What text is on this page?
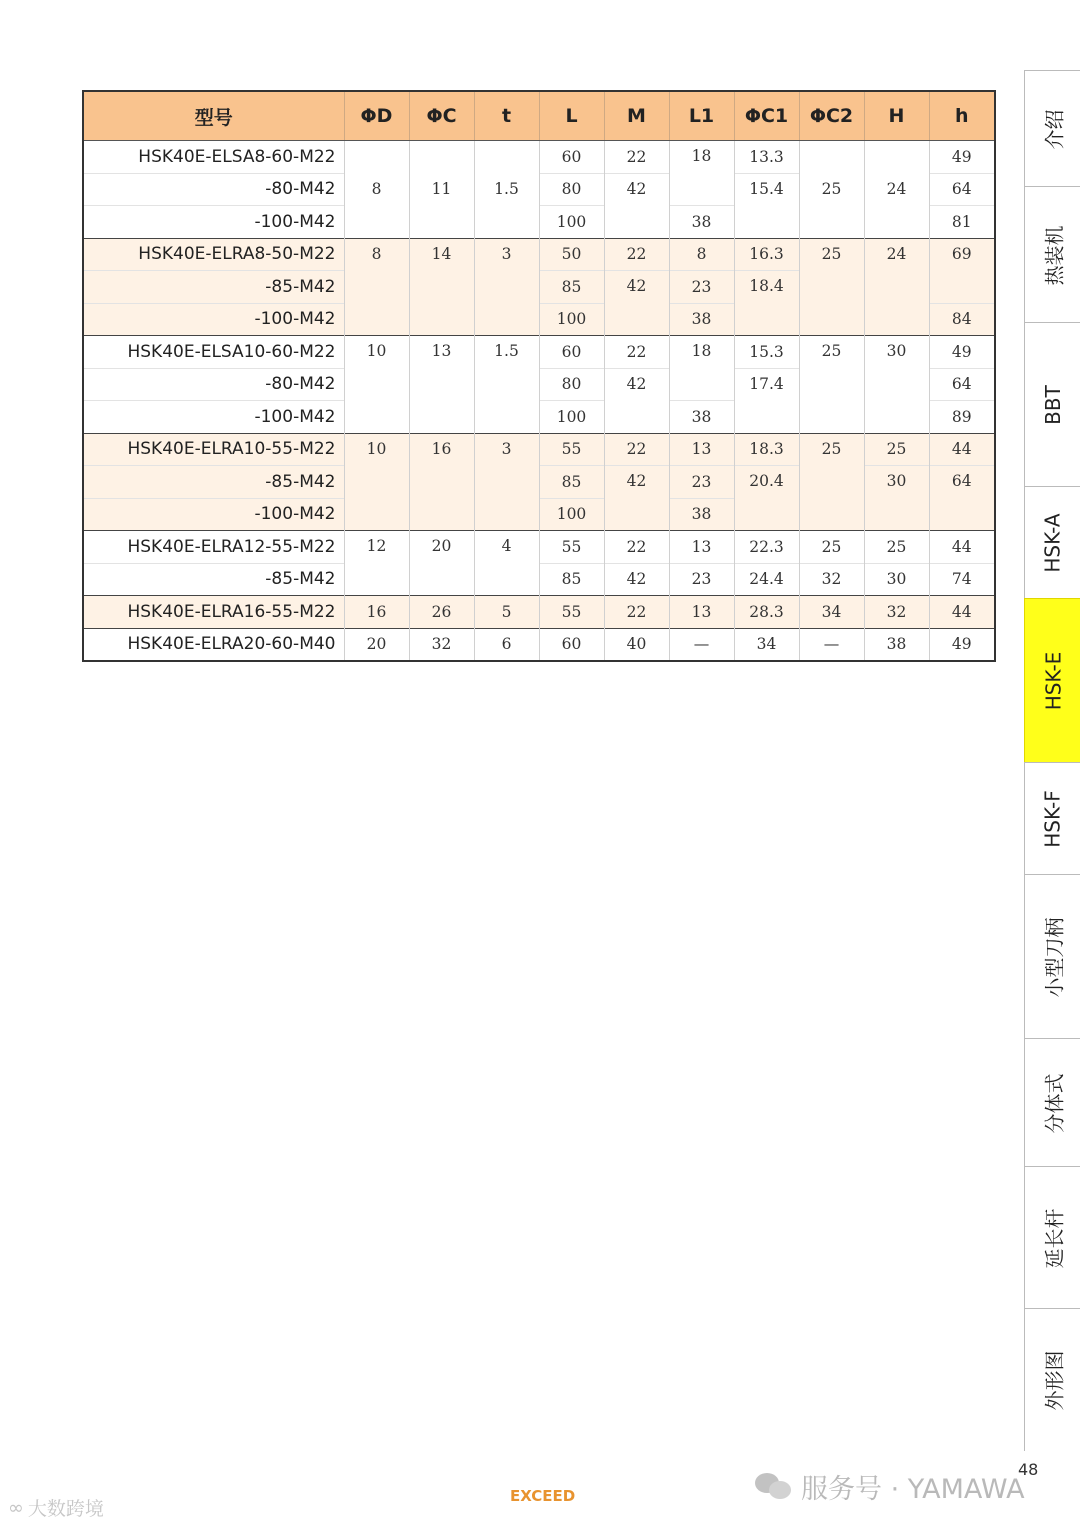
型号	ΦD	ΦC	t	L	M	L1	ΦC1	ΦC2	H	h
HSK40E-ELSA8-60-M22	8	11	1.5	60	22	18	13.3	25	24	49
-80-M42				80	42		15.4			64
-100-M42				100		38				81
HSK40E-ELRA8-50-M22	8	14	3	50	22	8	16.3	25	24	69
-85-M42				85	42	23	18.4			
-100-M42				100		38				84
HSK40E-ELSA10-60-M22	10	13	1.5	60	22	18	15.3	25	30	49
-80-M42				80	42		17.4			64
-100-M42				100		38				89
HSK40E-ELRA10-55-M22	10	16	3	55	22	13	18.3	25	25	44
-85-M42				85	42	23	20.4		30	64
-100-M42				100		38				
HSK40E-ELRA12-55-M22	12	20	4	55	22	13	22.3	25	25	44
-85-M42				85	42	23	24.4	32	30	74
HSK40E-ELRA16-55-M22	16	26	5	55	22	13	28.3	34	32	44
HSK40E-ELRA20-60-M40	20	32	6	60	40	—	34	—	38	49
介绍
热装机
BBT
HSK-A
HSK-E
HSK-F
小型刀柄
分体式
延长杆
外形图
48
EXCEED	服务号 · YAMAWA
∞ 大数跨境
